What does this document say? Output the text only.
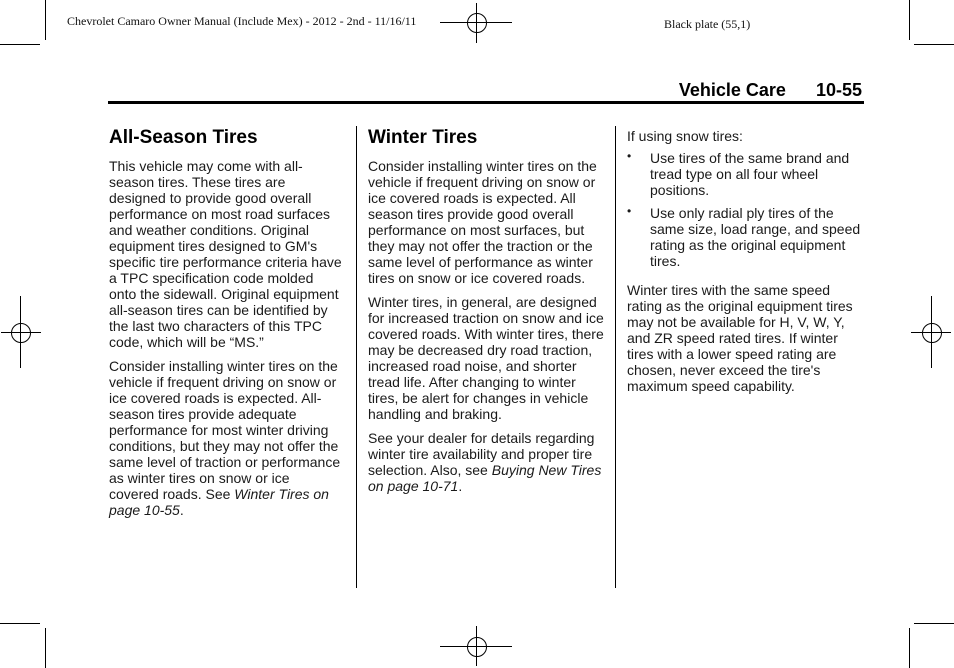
Chevrolet Camaro Owner Manual (Include Mex) - 2012 - 2nd - 11/16/11	Black plate (55,1)
Vehicle Care 10-55
All-Season Tires

This vehicle may come with all-season tires. These tires are designed to provide good overall performance on most road surfaces and weather conditions. Original equipment tires designed to GM's specific tire performance criteria have a TPC specification code molded onto the sidewall. Original equipment all-season tires can be identified by the last two characters of this TPC code, which will be “MS.”

Consider installing winter tires on the vehicle if frequent driving on snow or ice covered roads is expected. All-season tires provide adequate performance for most winter driving conditions, but they may not offer the same level of traction or performance as winter tires on snow or ice covered roads. See Winter Tires on page 10-55.

Winter Tires

Consider installing winter tires on the vehicle if frequent driving on snow or ice covered roads is expected. All season tires provide good overall performance on most surfaces, but they may not offer the traction or the same level of performance as winter tires on snow or ice covered roads.

Winter tires, in general, are designed for increased traction on snow and ice covered roads. With winter tires, there may be decreased dry road traction, increased road noise, and shorter tread life. After changing to winter tires, be alert for changes in vehicle handling and braking.

See your dealer for details regarding winter tire availability and proper tire selection. Also, see Buying New Tires on page 10-71.

If using snow tires:

• Use tires of the same brand and tread type on all four wheel positions.
• Use only radial ply tires of the same size, load range, and speed rating as the original equipment tires.

Winter tires with the same speed rating as the original equipment tires may not be available for H, V, W, Y, and ZR speed rated tires. If winter tires with a lower speed rating are chosen, never exceed the tire's maximum speed capability.
